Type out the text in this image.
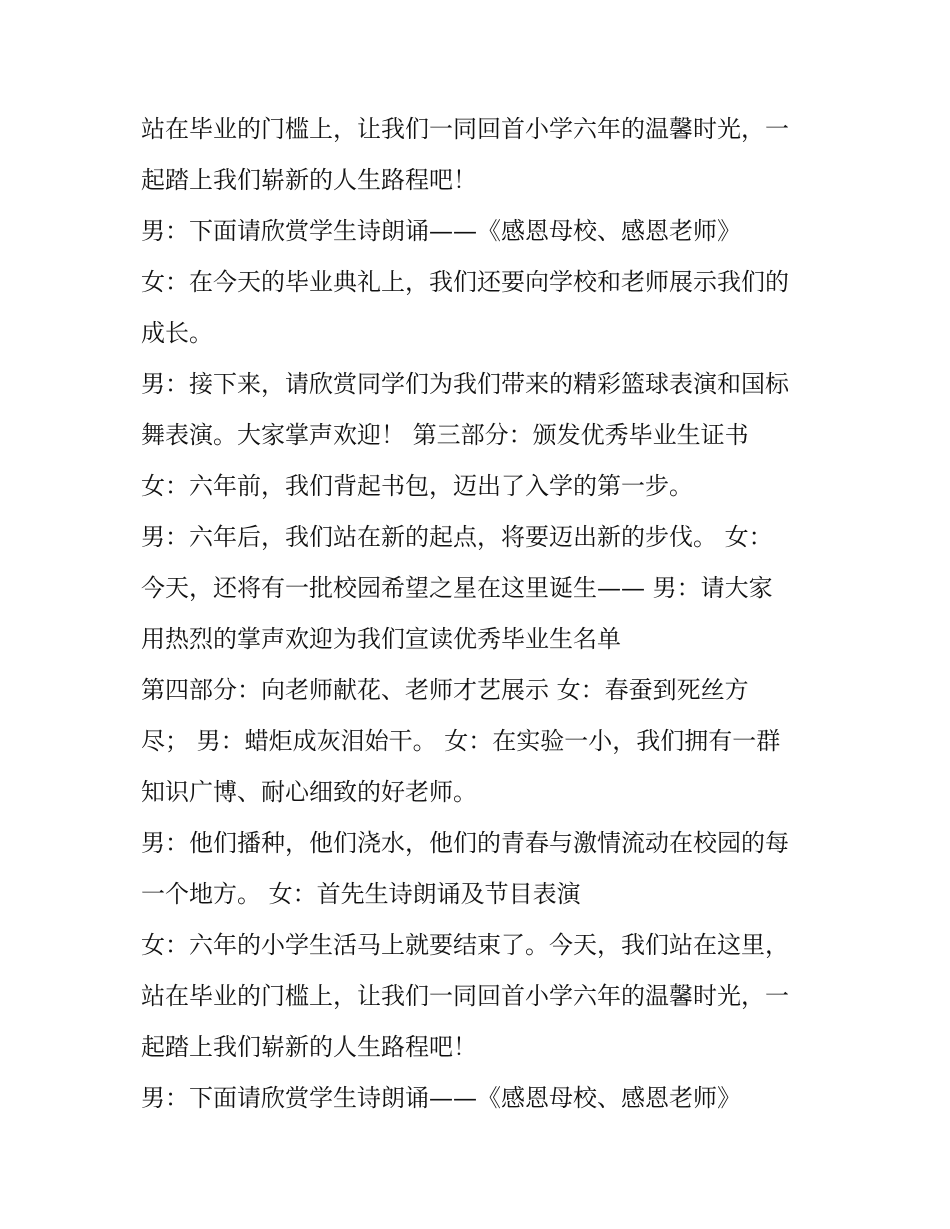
站在毕业的门槛上，让我们一同回首小学六年的温馨时光，一
起踏上我们崭新的人生路程吧！
男：下面请欣赏学生诗朗诵——《感恩母校、感恩老师》
女：在今天的毕业典礼上，我们还要向学校和老师展示我们的
成长。
男：接下来，请欣赏同学们为我们带来的精彩篮球表演和国标
舞表演。大家掌声欢迎！ 第三部分：颁发优秀毕业生证书
女：六年前，我们背起书包，迈出了入学的第一步。
男：六年后，我们站在新的起点，将要迈出新的步伐。 女：
今天，还将有一批校园希望之星在这里诞生—— 男：请大家
用热烈的掌声欢迎为我们宣读优秀毕业生名单
第四部分：向老师献花、老师才艺展示 女：春蚕到死丝方
尽； 男：蜡炬成灰泪始干。 女：在实验一小，我们拥有一群
知识广博、耐心细致的好老师。
男：他们播种，他们浇水，他们的青春与激情流动在校园的每
一个地方。 女：首先生诗朗诵及节目表演
女：六年的小学生活马上就要结束了。今天，我们站在这里，
站在毕业的门槛上，让我们一同回首小学六年的温馨时光，一
起踏上我们崭新的人生路程吧！
男：下面请欣赏学生诗朗诵——《感恩母校、感恩老师》
